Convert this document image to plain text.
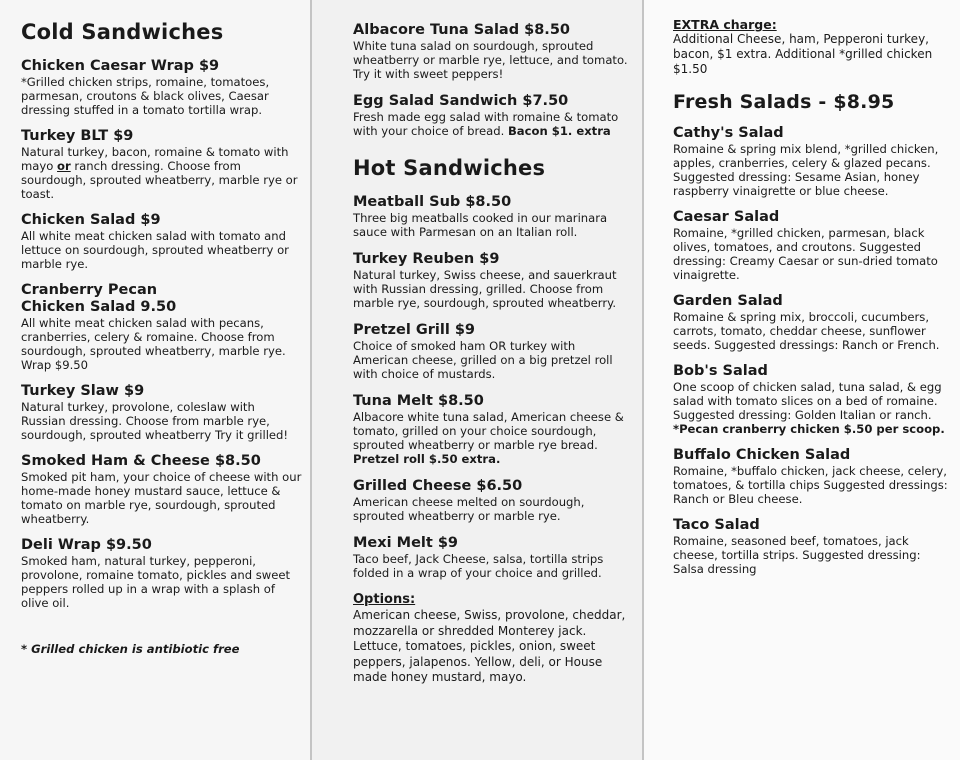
Cold Sandwiches
Chicken Caesar Wrap $9
*Grilled chicken strips, romaine, tomatoes, parmesan, croutons & black olives, Caesar dressing stuffed in a tomato tortilla wrap.
Turkey BLT $9
Natural turkey, bacon, romaine & tomato with mayo or ranch dressing. Choose from sourdough, sprouted wheatberry, marble rye or toast.
Chicken Salad $9
All white meat chicken salad with tomato and lettuce on sourdough, sprouted wheatberry or marble rye.
Cranberry Pecan
Chicken Salad 9.50
All white meat chicken salad with pecans, cranberries, celery & romaine. Choose from sourdough, sprouted wheatberry, marble rye. Wrap $9.50
Turkey Slaw $9
Natural turkey, provolone, coleslaw with Russian dressing. Choose from marble rye, sourdough, sprouted wheatberry Try it grilled!
Smoked Ham & Cheese $8.50
Smoked pit ham, your choice of cheese with our home-made honey mustard sauce, lettuce & tomato on marble rye, sourdough, sprouted wheatberry.
Deli Wrap $9.50
Smoked ham, natural turkey, pepperoni, provolone, romaine tomato, pickles and sweet peppers rolled up in a wrap with a splash of olive oil.
* Grilled chicken is antibiotic free
Albacore Tuna Salad $8.50
White tuna salad on sourdough, sprouted wheatberry or marble rye, lettuce, and tomato. Try it with sweet peppers!
Egg Salad Sandwich $7.50
Fresh made egg salad with romaine & tomato with your choice of bread. Bacon $1. extra
Hot Sandwiches
Meatball Sub $8.50
Three big meatballs cooked in our marinara sauce with Parmesan on an Italian roll.
Turkey Reuben $9
Natural turkey, Swiss cheese, and sauerkraut with Russian dressing, grilled. Choose from marble rye, sourdough, sprouted wheatberry.
Pretzel Grill $9
Choice of smoked ham OR turkey with American cheese, grilled on a big pretzel roll with choice of mustards.
Tuna Melt $8.50
Albacore white tuna salad, American cheese & tomato, grilled on your choice sourdough, sprouted wheatberry or marble rye bread.
Pretzel roll $.50 extra.
Grilled Cheese $6.50
American cheese melted on sourdough, sprouted wheatberry or marble rye.
Mexi Melt $9
Taco beef, Jack Cheese, salsa, tortilla strips folded in a wrap of your choice and grilled.
Options:
American cheese, Swiss, provolone, cheddar, mozzarella or shredded Monterey jack. Lettuce, tomatoes, pickles, onion, sweet peppers, jalapenos. Yellow, deli, or House made honey mustard, mayo.
EXTRA charge:
Additional Cheese, ham, Pepperoni turkey, bacon, $1 extra. Additional *grilled chicken $1.50
Fresh Salads - $8.95
Cathy's Salad
Romaine & spring mix blend, *grilled chicken, apples, cranberries, celery & glazed pecans. Suggested dressing: Sesame Asian, honey raspberry vinaigrette or blue cheese.
Caesar Salad
Romaine, *grilled chicken, parmesan, black olives, tomatoes, and croutons. Suggested dressing: Creamy Caesar or sun-dried tomato vinaigrette.
Garden Salad
Romaine & spring mix, broccoli, cucumbers, carrots, tomato, cheddar cheese, sunflower seeds. Suggested dressings: Ranch or French.
Bob's Salad
One scoop of chicken salad, tuna salad, & egg salad with tomato slices on a bed of romaine. Suggested dressing: Golden Italian or ranch.
*Pecan cranberry chicken $.50 per scoop.
Buffalo Chicken Salad
Romaine, *buffalo chicken, jack cheese, celery, tomatoes, & tortilla chips Suggested dressings: Ranch or Bleu cheese.
Taco Salad
Romaine, seasoned beef, tomatoes, jack cheese, tortilla strips. Suggested dressing: Salsa dressing
